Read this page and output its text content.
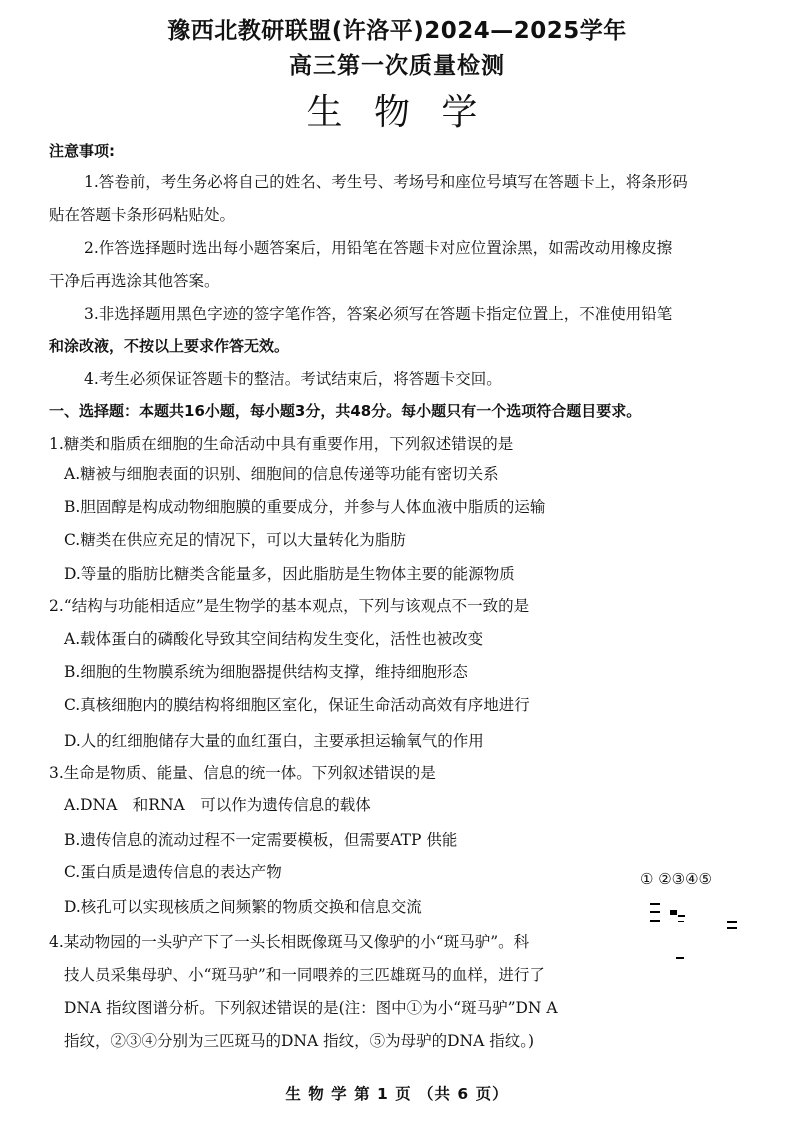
豫西北教研联盟(许洛平)2024—2025学年
高三第一次质量检测
生 物 学
注意事项:
1.答卷前，考生务必将自己的姓名、考生号、考场号和座位号填写在答题卡上，将条形码
贴在答题卡条形码粘贴处。
2.作答选择题时选出每小题答案后，用铅笔在答题卡对应位置涂黑，如需改动用橡皮擦
干净后再选涂其他答案。
3.非选择题用黑色字迹的签字笔作答，答案必须写在答题卡指定位置上，不准使用铅笔
和涂改液，不按以上要求作答无效。
4.考生必须保证答题卡的整洁。考试结束后，将答题卡交回。
一、选择题：本题共16小题，每小题3分，共48分。每小题只有一个选项符合题目要求。
1.糖类和脂质在细胞的生命活动中具有重要作用，下列叙述错误的是
A.糖被与细胞表面的识别、细胞间的信息传递等功能有密切关系
B.胆固醇是构成动物细胞膜的重要成分，并参与人体血液中脂质的运输
C.糖类在供应充足的情况下，可以大量转化为脂肪
D.等量的脂肪比糖类含能量多，因此脂肪是生物体主要的能源物质
2.“结构与功能相适应”是生物学的基本观点，下列与该观点不一致的是
A.载体蛋白的磷酸化导致其空间结构发生变化，活性也被改变
B.细胞的生物膜系统为细胞器提供结构支撑，维持细胞形态
C.真核细胞内的膜结构将细胞区室化，保证生命活动高效有序地进行
D.人的红细胞储存大量的血红蛋白，主要承担运输氧气的作用
3.生命是物质、能量、信息的统一体。下列叙述错误的是
A.DNA　和RNA　可以作为遗传信息的载体
B.遗传信息的流动过程不一定需要模板，但需要ATP 供能
C.蛋白质是遗传信息的表达产物
D.核孔可以实现核质之间频繁的物质交换和信息交流
4.某动物园的一头驴产下了一头长相既像斑马又像驴的小“斑马驴”。科
技人员采集母驴、小“斑马驴”和一同喂养的三匹雄斑马的血样，进行了
DNA 指纹图谱分析。下列叙述错误的是(注：图中①为小“斑马驴”DN A
指纹，②③④分别为三匹斑马的DNA 指纹，⑤为母驴的DNA 指纹。)
① ②③④⑤
生 物 学 第 1 页 （共 6 页）
